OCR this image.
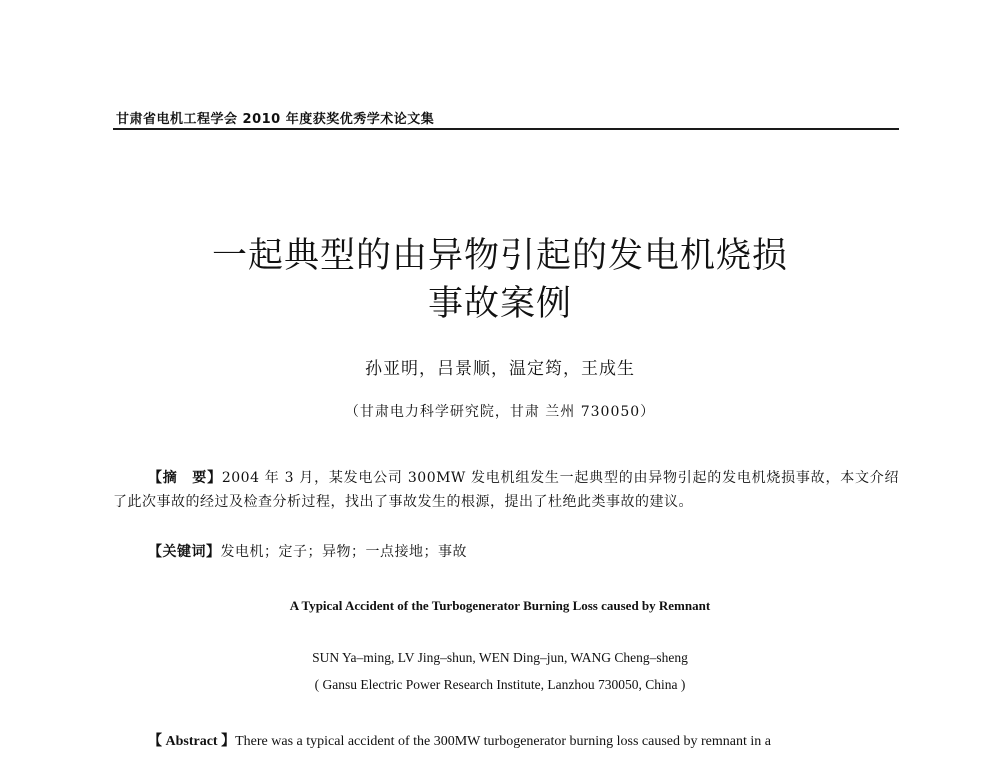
甘肃省电机工程学会 2010 年度获奖优秀学术论文集
一起典型的由异物引起的发电机烧损
事故案例
孙亚明，吕景顺，温定筠，王成生
（甘肃电力科学研究院，甘肃 兰州 730050）

【摘　要】2004 年 3 月，某发电公司 300MW 发电机组发生一起典型的由异物引起的发电机烧损事故，本文介绍了此次事故的经过及检查分析过程，找出了事故发生的根源，提出了杜绝此类事故的建议。

【关键词】发电机；定子；异物；一点接地；事故
A Typical Accident of the Turbogenerator Burning Loss caused by Remnant
SUN Ya–ming, LV Jing–shun, WEN Ding–jun, WANG Cheng–sheng
( Gansu Electric Power Research Institute, Lanzhou 730050, China )

【 Abstract 】There was a typical accident of the 300MW turbogenerator burning loss caused by remnant in a
